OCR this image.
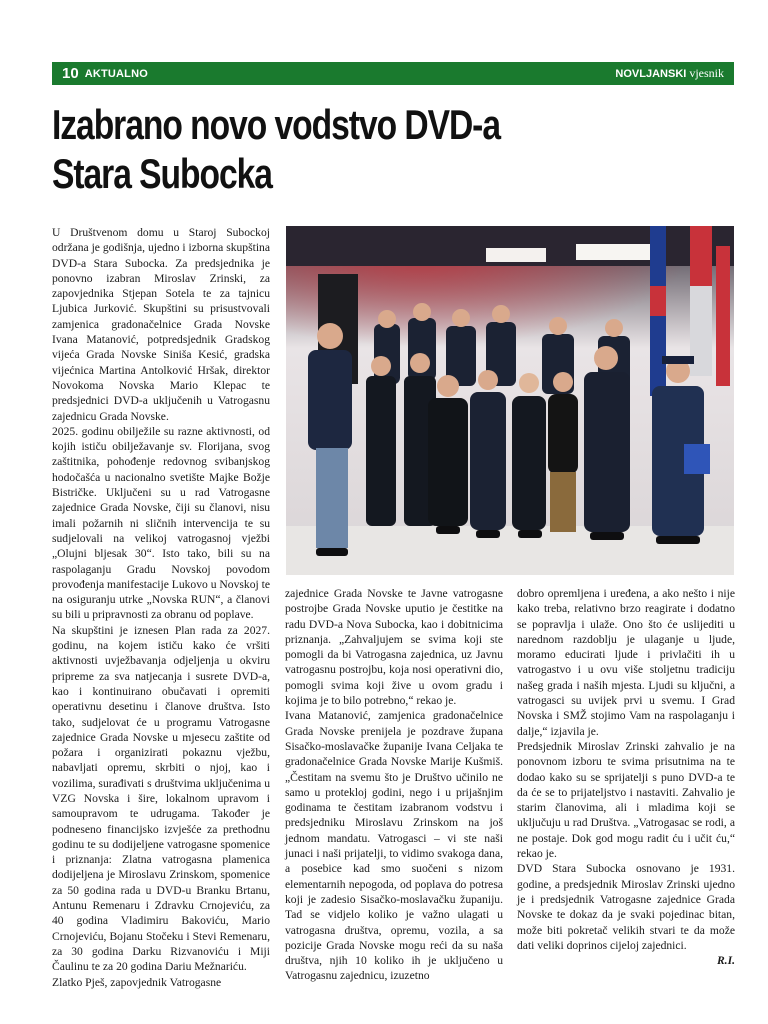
10 AKTUALNO	NOVLJANSKI vjesnik
Izabrano novo vodstvo DVD-a
Stara Subocka

U Društvenom domu u Staroj Subockoj održana je godišnja, ujedno i izborna skupština DVD-a Stara Subocka. Za predsjednika je ponovno izabran Miroslav Zrinski, za zapovjednika Stjepan Sotela te za tajnicu Ljubica Jurković. Skupštini su prisustvovali zamjenica gradonačelnice Grada Novske Ivana Matanović, potpredsjednik Gradskog vijeća Grada Novske Siniša Kesić, gradska vijećnica Martina Antolković Hršak, direktor Novokoma Novska Mario Klepac te predsjednici DVD-a uključenih u Vatrogasnu zajednicu Grada Novske.

2025. godinu obilježile su razne aktivnosti, od kojih ističu obilježavanje sv. Florijana, svog zaštitnika, pohođenje redovnog svibanjskog hodočašća u nacionalno svetište Majke Božje Bistričke. Uključeni su u rad Vatrogasne zajednice Grada Novske, čiji su članovi, nisu imali požarnih ni sličnih intervencija te su sudjelovali na velikoj vatrogasnoj vježbi „Olujni bljesak 30“. Isto tako, bili su na raspolaganju Gradu Novskoj povodom provođenja manifestacije Lukovo u Novskoj te na osiguranju utrke „Novska RUN“, a članovi su bili u pripravnosti za obranu od poplave.

Na skupštini je iznesen Plan rada za 2027. godinu, na kojem ističu kako će vršiti aktivnosti uvježbavanja odjeljenja u okviru pripreme za sva natjecanja i susrete DVD-a, kao i kontinuirano obučavati i opremiti operativnu desetinu i članove društva. Isto tako, sudjelovat će u programu Vatrogasne zajednice Grada Novske u mjesecu zaštite od požara i organizirati pokaznu vježbu, nabavljati opremu, skrbiti o njoj, kao i vozilima, surađivati s društvima uključenima u VZG Novska i šire, lokalnom upravom i samoupravom te udrugama. Također je podneseno financijsko izvješće za prethodnu godinu te su dodijeljene vatrogasne spomenice i priznanja: Zlatna vatrogasna plamenica dodijeljena je Miroslavu Zrinskom, spomenice za 50 godina rada u DVD-u Branku Brtanu, Antunu Remenaru i Zdravku Crnojeviću, za 40 godina Vladimiru Bakoviću, Mario Crnojeviću, Bojanu Stočeku i Stevi Remenaru, za 30 godina Darku Rizvanoviću i Miji Čaulinu te za 20 godina Dariu Mežnariću.

Zlatko Pješ, zapovjednik Vatrogasne

zajednice Grada Novske te Javne vatrogasne postrojbe Grada Novske uputio je čestitke na radu DVD-a Nova Subocka, kao i dobitnicima priznanja. „Zahvaljujem se svima koji ste pomogli da bi Vatrogasna zajednica, uz Javnu vatrogasnu postrojbu, koja nosi operativni dio, pomogli svima koji žive u ovom gradu i kojima je to bilo potrebno,“ rekao je.

Ivana Matanović, zamjenica gradonačelnice Grada Novske prenijela je pozdrave župana Sisačko-moslavačke županije Ivana Celjaka te gradonačelnice Grada Novske Marije Kušmiš. „Čestitam na svemu što je Društvo učinilo ne samo u protekloj godini, nego i u prijašnjim godinama te čestitam izabranom vodstvu i predsjedniku Miroslavu Zrinskom na još jednom mandatu. Vatrogasci – vi ste naši junaci i naši prijatelji, to vidimo svakoga dana, a posebice kad smo suočeni s nizom elementarnih nepogoda, od poplava do potresa koji je zadesio Sisačko-moslavačku županiju. Tad se vidjelo koliko je važno ulagati u vatrogasna društva, opremu, vozila, a sa pozicije Grada Novske mogu reći da su naša društva, njih 10 koliko ih je uključeno u Vatrogasnu zajednicu, izuzetno

dobro opremljena i uređena, a ako nešto i nije kako treba, relativno brzo reagirate i dodatno se popravlja i ulaže. Ono što će uslijediti u narednom razdoblju je ulaganje u ljude, moramo educirati ljude i privlačiti ih u vatrogastvo i u ovu više stoljetnu tradiciju našeg grada i naših mjesta. Ljudi su ključni, a vatrogasci su uvijek prvi u svemu. I Grad Novska i SMŽ stojimo Vam na raspolaganju i dalje,“ izjavila je.

Predsjednik Miroslav Zrinski zahvalio je na ponovnom izboru te svima prisutnima na te dodao kako su se sprijatelji s puno DVD-a te da će se to prijateljstvo i nastaviti. Zahvalio je starim članovima, ali i mladima koji se uključuju u rad Društva. „Vatrogasac se rodi, a ne postaje. Dok god mogu radit ću i učit ću,“ rekao je.

DVD Stara Subocka osnovano je 1931. godine, a predsjednik Miroslav Zrinski ujedno je i predsjednik Vatrogasne zajednice Grada Novske te dokaz da je svaki pojedinac bitan, može biti pokretač velikih stvari te da može dati veliki doprinos cijeloj zajednici.

R.I.
